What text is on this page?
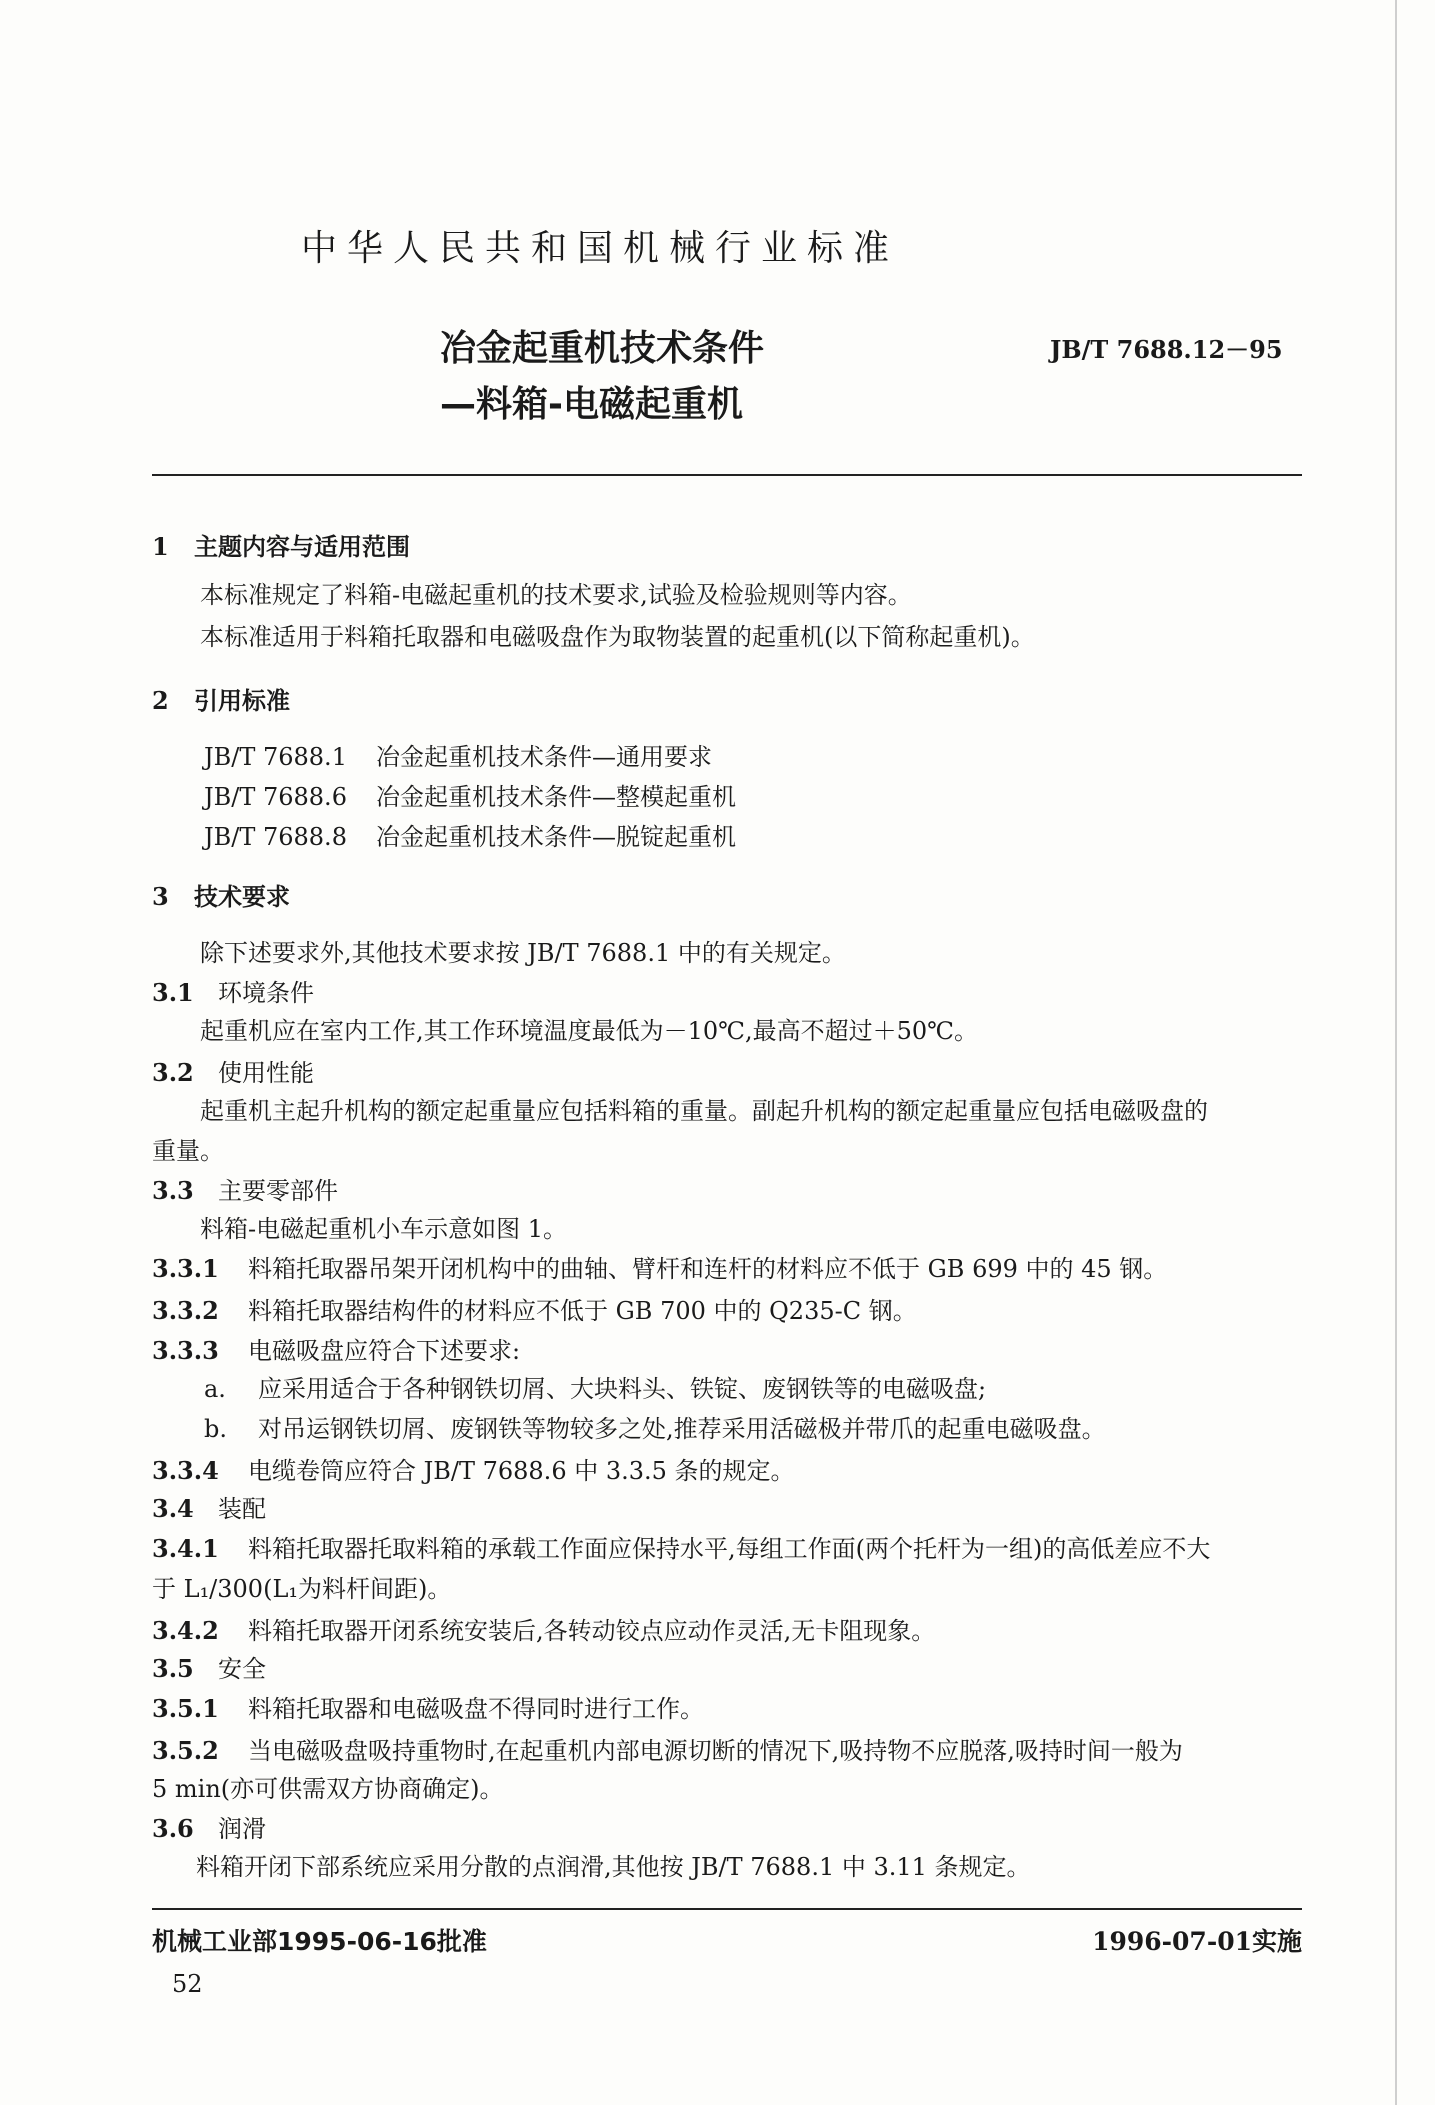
中华人民共和国机械行业标准
冶金起重机技术条件
—料箱-电磁起重机
JB/T 7688.12－95
1 主题内容与适用范围
本标准规定了料箱-电磁起重机的技术要求,试验及检验规则等内容。
本标准适用于料箱托取器和电磁吸盘作为取物装置的起重机(以下简称起重机)。
2 引用标准
JB/T 7688.1 冶金起重机技术条件—通用要求
JB/T 7688.6 冶金起重机技术条件—整模起重机
JB/T 7688.8 冶金起重机技术条件—脱锭起重机
3 技术要求
除下述要求外,其他技术要求按 JB/T 7688.1 中的有关规定。
3.1 环境条件
起重机应在室内工作,其工作环境温度最低为－10℃,最高不超过＋50℃。
3.2 使用性能
起重机主起升机构的额定起重量应包括料箱的重量。副起升机构的额定起重量应包括电磁吸盘的
重量。
3.3 主要零部件
料箱-电磁起重机小车示意如图 1。
3.3.1 料箱托取器吊架开闭机构中的曲轴、臂杆和连杆的材料应不低于 GB 699 中的 45 钢。
3.3.2 料箱托取器结构件的材料应不低于 GB 700 中的 Q235-C 钢。
3.3.3 电磁吸盘应符合下述要求:
a. 应采用适合于各种钢铁切屑、大块料头、铁锭、废钢铁等的电磁吸盘;
b. 对吊运钢铁切屑、废钢铁等物较多之处,推荐采用活磁极并带爪的起重电磁吸盘。
3.3.4 电缆卷筒应符合 JB/T 7688.6 中 3.3.5 条的规定。
3.4 装配
3.4.1 料箱托取器托取料箱的承载工作面应保持水平,每组工作面(两个托杆为一组)的高低差应不大
于 L₁/300(L₁为料杆间距)。
3.4.2 料箱托取器开闭系统安装后,各转动铰点应动作灵活,无卡阻现象。
3.5 安全
3.5.1 料箱托取器和电磁吸盘不得同时进行工作。
3.5.2 当电磁吸盘吸持重物时,在起重机内部电源切断的情况下,吸持物不应脱落,吸持时间一般为
5 min(亦可供需双方协商确定)。
3.6 润滑
料箱开闭下部系统应采用分散的点润滑,其他按 JB/T 7688.1 中 3.11 条规定。
机械工业部1995-06-16批准	1996-07-01实施
52
